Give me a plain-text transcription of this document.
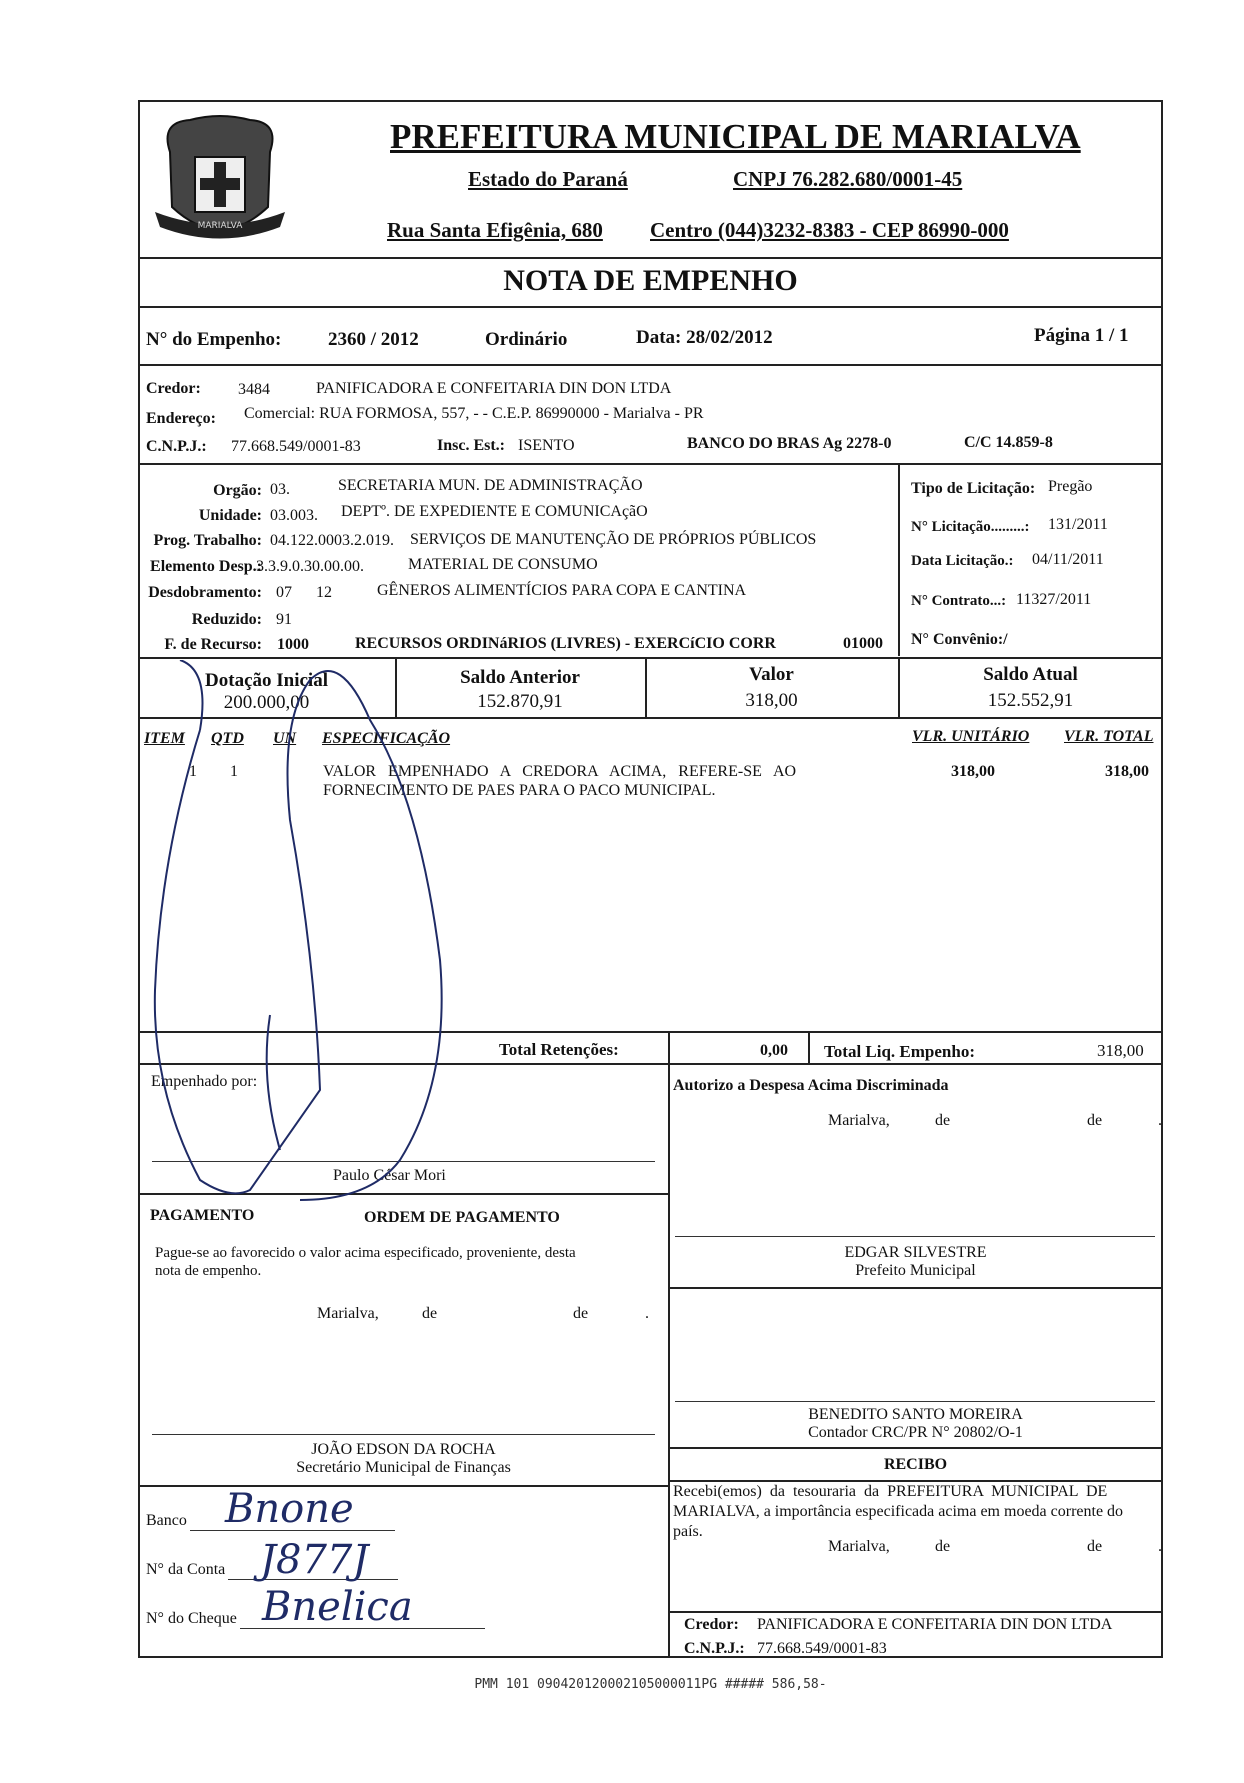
MARIALVA
PREFEITURA MUNICIPAL DE MARIALVA
Estado do Paraná	CNPJ 76.282.680/0001-45
Rua Santa Efigênia, 680 Centro (044)3232-8383 - CEP 86990-000
NOTA DE EMPENHO
N° do Empenho: 2360 / 2012	Ordinário	Data: 28/02/2012	Página 1 / 1
Credor: 3484	PANIFICADORA E CONFEITARIA DIN DON LTDA
Endereço: Comercial: RUA FORMOSA, 557, - - C.E.P. 86990000 - Marialva - PR
C.N.P.J.: 77.668.549/0001-83	Insc. Est.: ISENTO	BANCO DO BRAS Ag 2278-0	C/C 14.859-8
Orgão: 03.	SECRETARIA MUN. DE ADMINISTRAÇÃO
Unidade: 03.003. DEPTº. DE EXPEDIENTE E COMUNICAçãO
Prog. Trabalho: 04.122.0003.2.019. SERVIÇOS DE MANUTENÇÃO DE PRÓPRIOS PÚBLICOS
Elemento Desp.:
3.3.9.0.30.00.00.	MATERIAL DE CONSUMO
Desdobramento: 07      12	GÊNEROS ALIMENTÍCIOS PARA COPA E CANTINA
Reduzido: 91
F. de Recurso: 1000	RECURSOS ORDINáRIOS (LIVRES) - EXERCíCIO CORR	01000
Tipo de Licitação: Pregão
N° Licitação.........: 131/2011
Data Licitação.: 04/11/2011
N° Contrato...: 11327/2011
N° Convênio:/
Dotação Inicial
200.000,00
Saldo Anterior
152.870,91
Valor
318,00
Saldo Atual
152.552,91
ITEM QTD UN ESPECIFICAÇÃO	VLR. UNITÁRIO VLR. TOTAL
1 1	VALOR   EMPENHADO   A   CREDORA   ACIMA,   REFERE-SE   AO
FORNECIMENTO DE PAES PARA O PACO MUNICIPAL.
318,00	318,00
Total Retenções:	0,00 Total Liq. Empenho:	318,00
Empenhado por:
Paulo César Mori
Autorizo a Despesa Acima Discriminada
Marialva,	de	de	.
PAGAMENTO	ORDEM DE PAGAMENTO
Pague-se ao favorecido o valor acima especificado, proveniente, desta
nota de empenho.
Marialva,	de	de	.
JOÃO EDSON DA ROCHA
Secretário Municipal de Finanças
EDGAR SILVESTRE
Prefeito Municipal
BENEDITO SANTO MOREIRA
Contador CRC/PR N° 20802/O-1
RECIBO
Recebi(emos)  da  tesouraria  da  PREFEITURA  MUNICIPAL  DE
MARIALVA, a importância especificada acima em moeda corrente do
país.
Marialva,	de	de	.
Credor: PANIFICADORA E CONFEITARIA DIN DON LTDA
C.N.P.J.: 77.668.549/0001-83
Banco Bnone
N° da Conta J877J
N° do Cheque Bnelica
PMM 101 090420120002105000011PG ##### 586,58-
